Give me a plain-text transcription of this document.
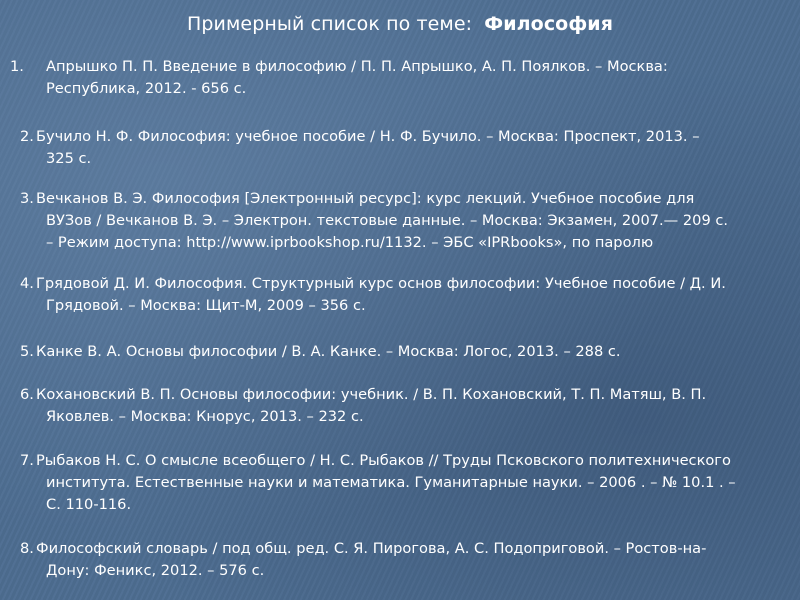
Примерный список по теме: Философия
1. Апрышко П. П. Введение в философию / П. П. Апрышко, А. П. Поялков. – Москва:
Республика, 2012. - 656 с.
2. Бучило Н. Ф. Философия: учебное пособие / Н. Ф. Бучило. – Москва: Проспект, 2013. –
325 с.
3. Вечканов В. Э. Философия [Электронный ресурс]: курс лекций. Учебное пособие для
ВУЗов / Вечканов В. Э. – Электрон. текстовые данные. – Москва: Экзамен, 2007.— 209 с.
– Режим доступа: http://www.iprbookshop.ru/1132. – ЭБС «IPRbooks», по паролю
4. Грядовой Д. И. Философия. Структурный курс основ философии: Учебное пособие / Д. И.
Грядовой. – Москва: Щит-М, 2009 – 356 с.
5. Канке В. А. Основы философии / В. А. Канке. – Москва: Логос, 2013. – 288 с.
6. Кохановский В. П. Основы философии: учебник. / В. П. Кохановский, Т. П. Матяш, В. П.
Яковлев. – Москва: Кнорус, 2013. – 232 с.
7. Рыбаков Н. С. О смысле всеобщего / Н. С. Рыбаков // Труды Псковского политехнического
института. Естественные науки и математика. Гуманитарные науки. – 2006 . – № 10.1 . –
С. 110-116.
8. Философский словарь / под общ. ред. С. Я. Пирогова, А. С. Подоприговой. – Ростов-на-
Дону: Феникс, 2012. – 576 с.
